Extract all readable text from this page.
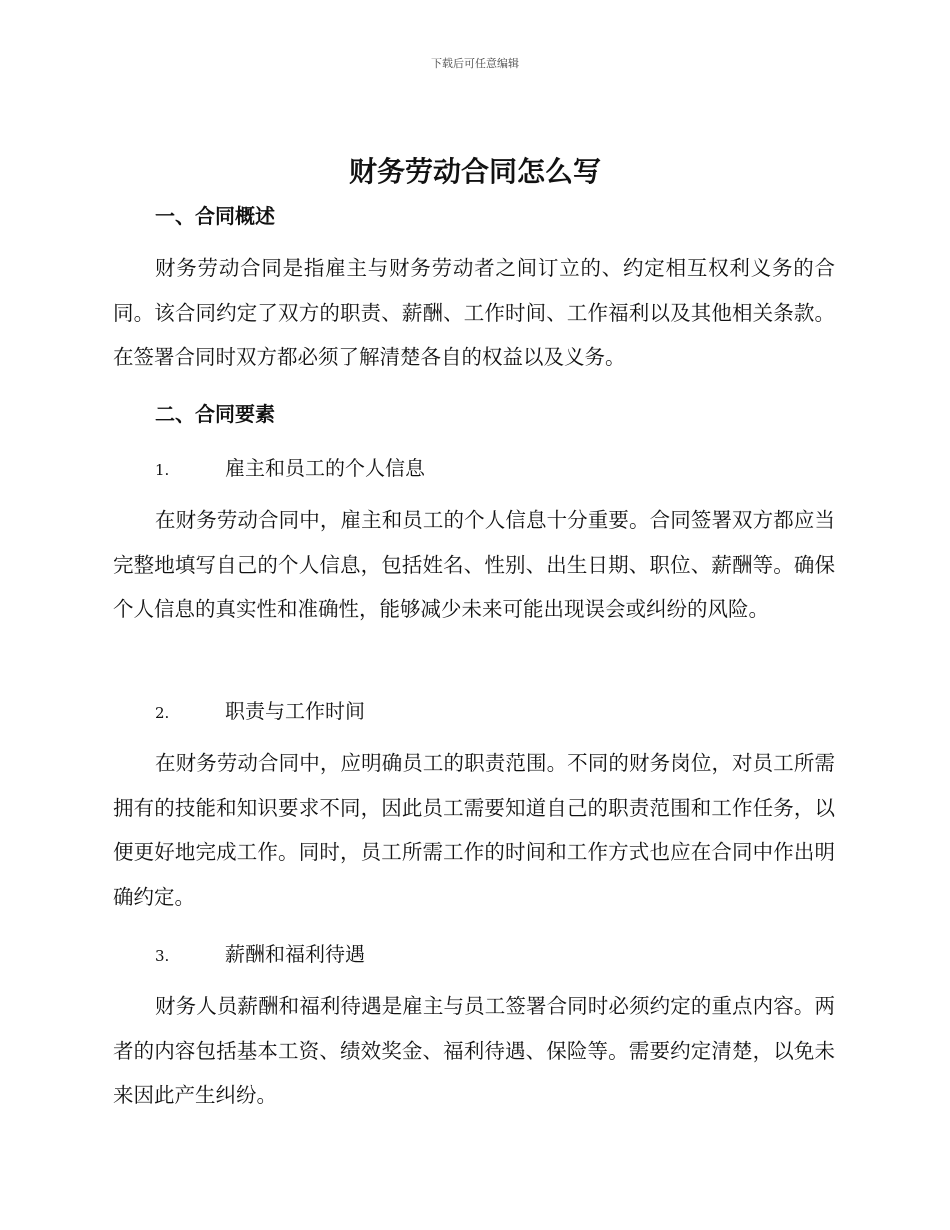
下载后可任意编辑
财务劳动合同怎么写
一、合同概述

财务劳动合同是指雇主与财务劳动者之间订立的、约定相互权利义务的合同。该合同约定了双方的职责、薪酬、工作时间、工作福利以及其他相关条款。在签署合同时双方都必须了解清楚各自的权益以及义务。

二、合同要素
1.	雇主和员工的个人信息

在财务劳动合同中，雇主和员工的个人信息十分重要。合同签署双方都应当完整地填写自己的个人信息，包括姓名、性别、出生日期、职位、薪酬等。确保个人信息的真实性和准确性，能够减少未来可能出现误会或纠纷的风险。

2.	职责与工作时间

在财务劳动合同中，应明确员工的职责范围。不同的财务岗位，对员工所需拥有的技能和知识要求不同，因此员工需要知道自己的职责范围和工作任务，以便更好地完成工作。同时，员工所需工作的时间和工作方式也应在合同中作出明确约定。

3.	薪酬和福利待遇

财务人员薪酬和福利待遇是雇主与员工签署合同时必须约定的重点内容。两者的内容包括基本工资、绩效奖金、福利待遇、保险等。需要约定清楚，以免未来因此产生纠纷。
